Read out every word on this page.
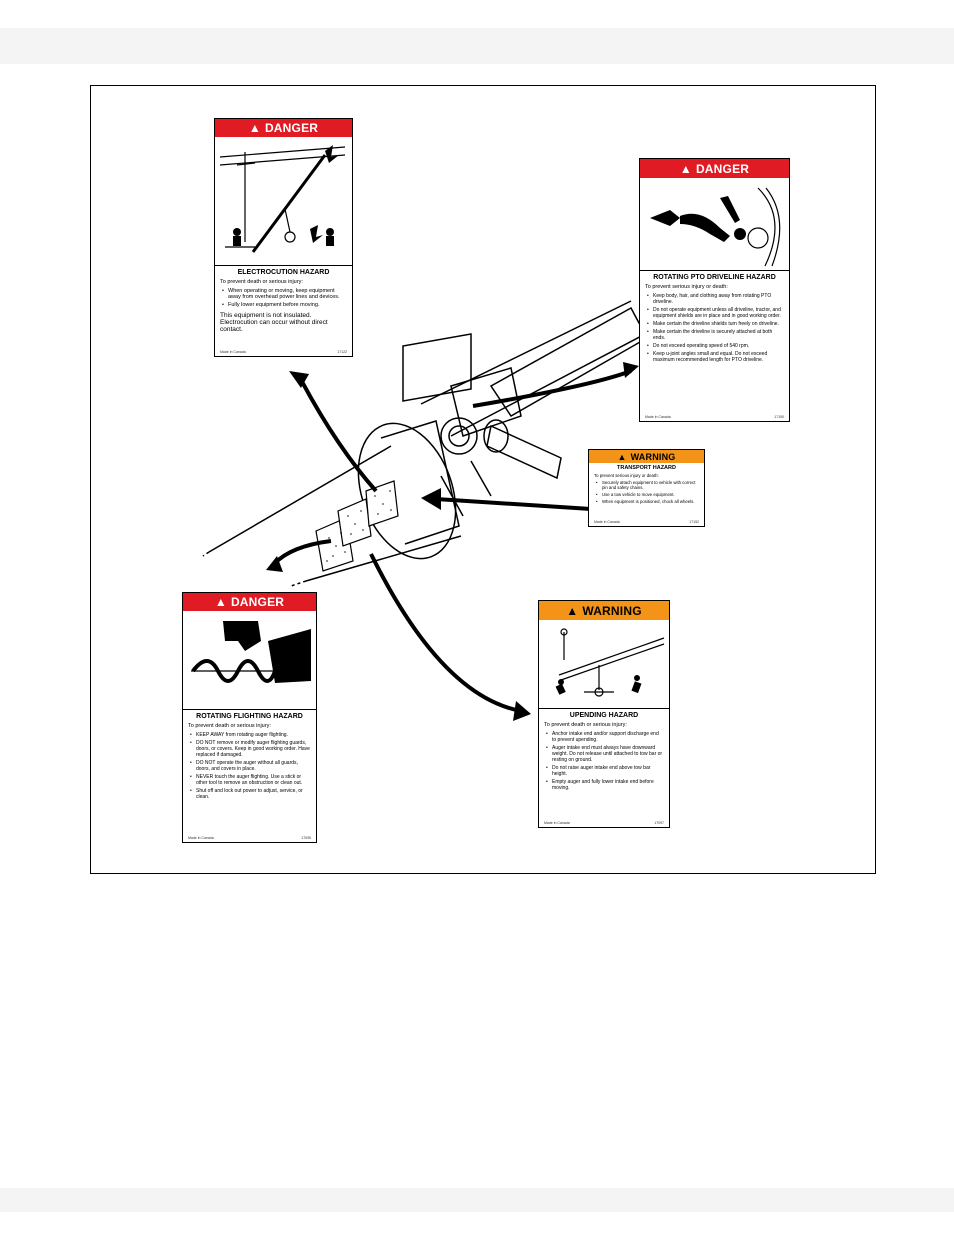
▲ DANGER
ELECTROCUTION HAZARD
To prevent death or serious injury:
• When operating or moving, keep equipment away from overhead power lines and devices.
• Fully lower equipment before moving.
This equipment is not insulated. Electrocution can occur without direct contact.
Made in Canada	17122
▲ DANGER
ROTATING PTO DRIVELINE HAZARD
To prevent serious injury or death:
• Keep body, hair, and clothing away from rotating PTO driveline.
• Do not operate equipment unless all driveline, tractor, and equipment shields are in place and in good working order.
• Make certain the driveline shields turn freely on driveline.
• Make certain the driveline is securely attached at both ends.
• Do not exceed operating speed of 540 rpm.
• Keep u-joint angles small and equal. Do not exceed maximum recommended length for PTO driveline.
Made in Canada	17150
▲ WARNING
TRANSPORT HAZARD
To prevent serious injury or death:
• Securely attach equipment to vehicle with correct pin and safety chains.
• Use a tow vehicle to move equipment.
• When equipment is positioned, chock all wheels.
Made in Canada	17152
▲ DANGER
ROTATING FLIGHTING HAZARD
To prevent death or serious injury:
• KEEP AWAY from rotating auger flighting.
• DO NOT remove or modify auger flighting guards, doors, or covers. Keep in good working order. Have replaced if damaged.
• DO NOT operate the auger without all guards, doors, and covers in place.
• NEVER touch the auger flighting. Use a stick or other tool to remove an obstruction or clean out.
• Shut off and lock out power to adjust, service, or clean.
Made in Canada	17095
▲ WARNING
UPENDING HAZARD
To prevent death or serious injury:
• Anchor intake end and/or support discharge end to prevent upending.
• Auger intake end must always have downward weight. Do not release until attached to tow bar or resting on ground.
• Do not raise auger intake end above tow bar height.
• Empty auger and fully lower intake end before moving.
Made in Canada	17097
